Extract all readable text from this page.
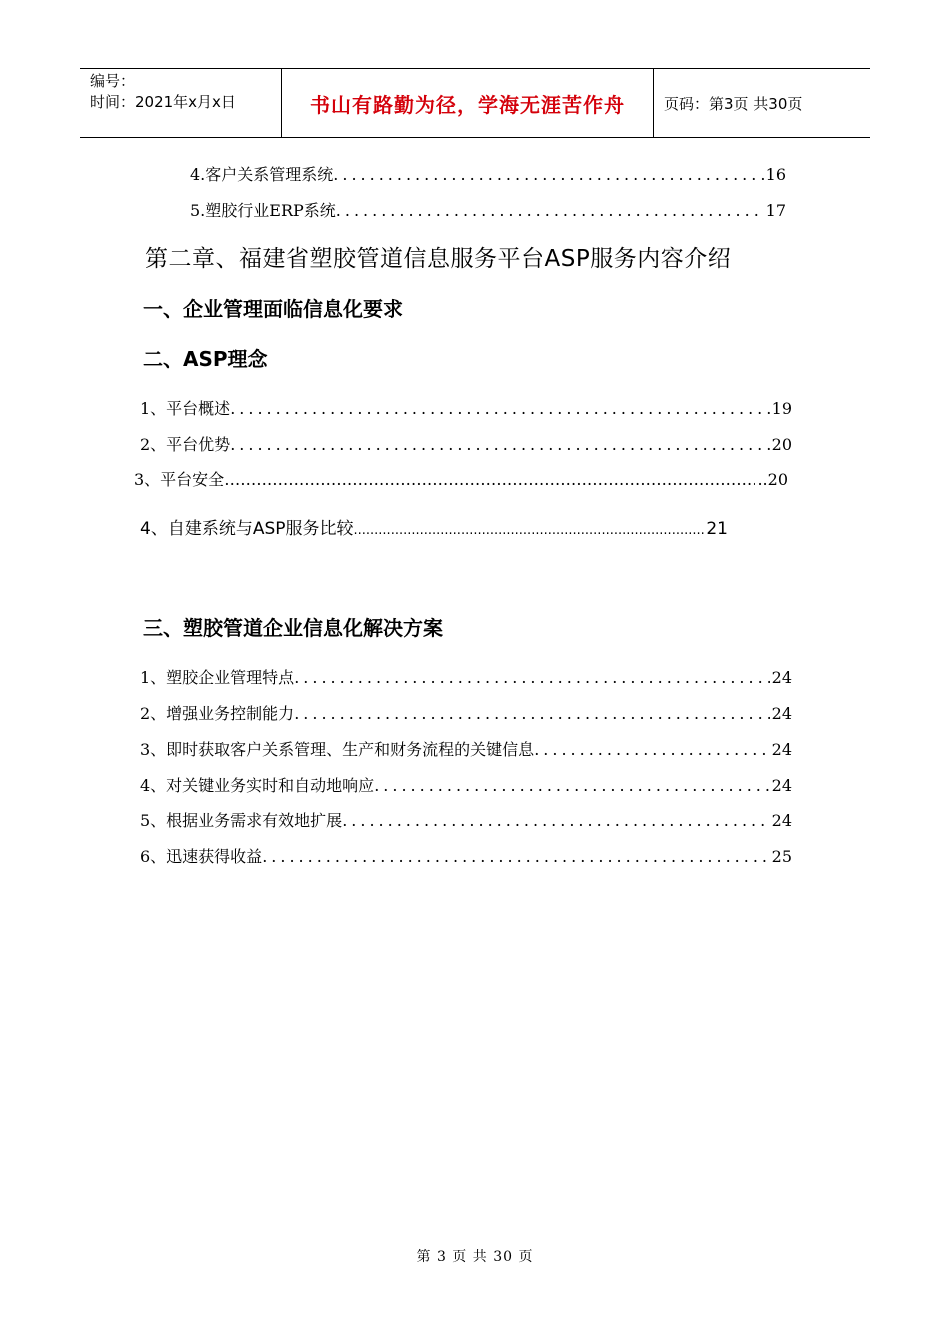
编号：
时间：2021年x月x日	书山有路勤为径，学海无涯苦作舟	页码：第3页 共30页
4.客户关系管理系统 .....	16
5.塑胶行业ERP系统 .....	17
第二章、福建省塑胶管道信息服务平台ASP服务内容介绍
一、企业管理面临信息化要求
二、ASP理念
1、平台概述 .....	19
2、平台优势 .....	20
3、平台安全 ……………………………………………………………………………………………………………………………………	..20
4、自建系统与ASP服务比较 .....	21
三、塑胶管道企业信息化解决方案
1、塑胶企业管理特点 .....	24
2、增强业务控制能力 .....	24
3、即时获取客户关系管理、生产和财务流程的关键信息 .....	24
4、对关键业务实时和自动地响应 .....	24
5、根据业务需求有效地扩展 .....	24
6、迅速获得收益 .....	25
第 3 页 共 30 页
